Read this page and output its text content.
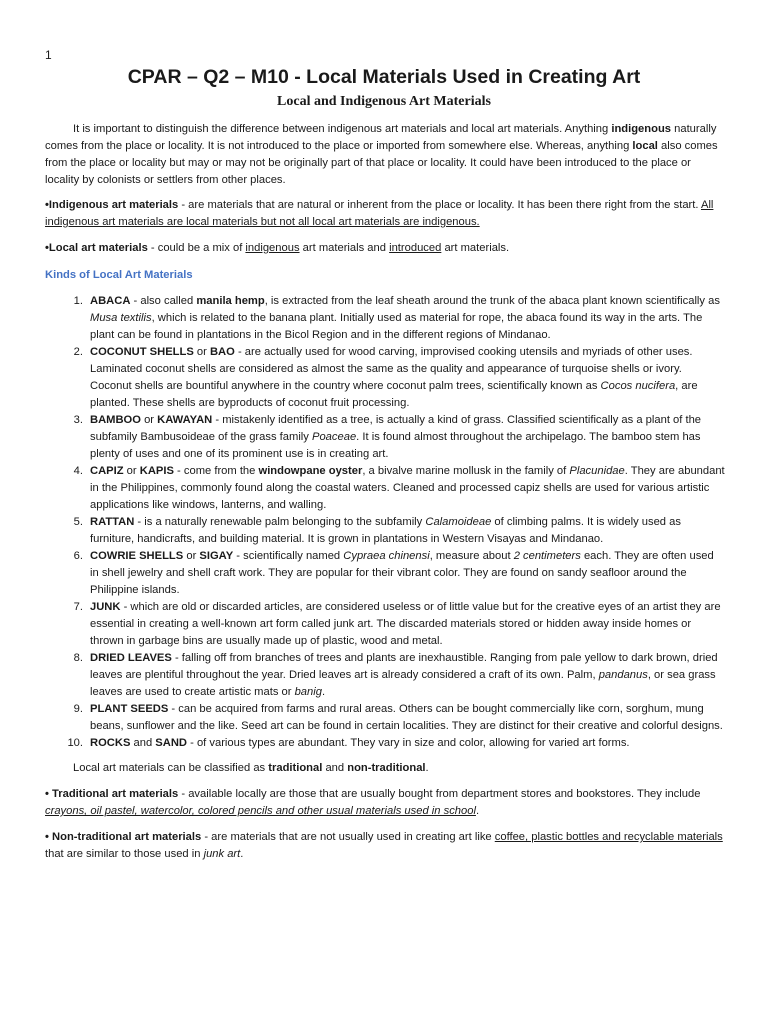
1
CPAR – Q2 – M10 - Local Materials Used in Creating Art
Local and Indigenous Art Materials

It is important to distinguish the difference between indigenous art materials and local art materials. Anything indigenous naturally comes from the place or locality. It is not introduced to the place or imported from somewhere else. Whereas, anything local also comes from the place or locality but may or may not be originally part of that place or locality. It could have been introduced to the place or locality by colonists or settlers from other places.

•Indigenous art materials - are materials that are natural or inherent from the place or locality. It has been there right from the start. All indigenous art materials are local materials but not all local art materials are indigenous.

•Local art materials - could be a mix of indigenous art materials and introduced art materials.

Kinds of Local Art Materials
1. ABACA - also called manila hemp, is extracted from the leaf sheath around the trunk of the abaca plant known scientifically as Musa textilis, which is related to the banana plant. Initially used as material for rope, the abaca found its way in the arts. The plant can be found in plantations in the Bicol Region and in the different regions of Mindanao.
2. COCONUT SHELLS or BAO - are actually used for wood carving, improvised cooking utensils and myriads of other uses. Laminated coconut shells are considered as almost the same as the quality and appearance of turquoise shells or ivory. Coconut shells are bountiful anywhere in the country where coconut palm trees, scientifically known as Cocos nucifera, are planted. These shells are byproducts of coconut fruit processing.
3. BAMBOO or KAWAYAN - mistakenly identified as a tree, is actually a kind of grass. Classified scientifically as a plant of the subfamily Bambusoideae of the grass family Poaceae. It is found almost throughout the archipelago. The bamboo stem has plenty of uses and one of its prominent use is in creating art.
4. CAPIZ or KAPIS - come from the windowpane oyster, a bivalve marine mollusk in the family of Placunidae. They are abundant in the Philippines, commonly found along the coastal waters. Cleaned and processed capiz shells are used for various artistic applications like windows, lanterns, and walling.
5. RATTAN - is a naturally renewable palm belonging to the subfamily Calamoideae of climbing palms. It is widely used as furniture, handicrafts, and building material. It is grown in plantations in Western Visayas and Mindanao.
6. COWRIE SHELLS or SIGAY - scientifically named Cypraea chinensi, measure about 2 centimeters each. They are often used in shell jewelry and shell craft work. They are popular for their vibrant color. They are found on sandy seafloor around the Philippine islands.
7. JUNK - which are old or discarded articles, are considered useless or of little value but for the creative eyes of an artist they are essential in creating a well-known art form called junk art. The discarded materials stored or hidden away inside homes or thrown in garbage bins are usually made up of plastic, wood and metal.
8. DRIED LEAVES - falling off from branches of trees and plants are inexhaustible. Ranging from pale yellow to dark brown, dried leaves are plentiful throughout the year. Dried leaves art is already considered a craft of its own. Palm, pandanus, or sea grass leaves are used to create artistic mats or banig.
9. PLANT SEEDS - can be acquired from farms and rural areas. Others can be bought commercially like corn, sorghum, mung beans, sunflower and the like. Seed art can be found in certain localities. They are distinct for their creative and colorful designs.
10. ROCKS and SAND - of various types are abundant. They vary in size and color, allowing for varied art forms.

Local art materials can be classified as traditional and non-traditional.

• Traditional art materials - available locally are those that are usually bought from department stores and bookstores. They include crayons, oil pastel, watercolor, colored pencils and other usual materials used in school.

• Non-traditional art materials - are materials that are not usually used in creating art like coffee, plastic bottles and recyclable materials that are similar to those used in junk art.
